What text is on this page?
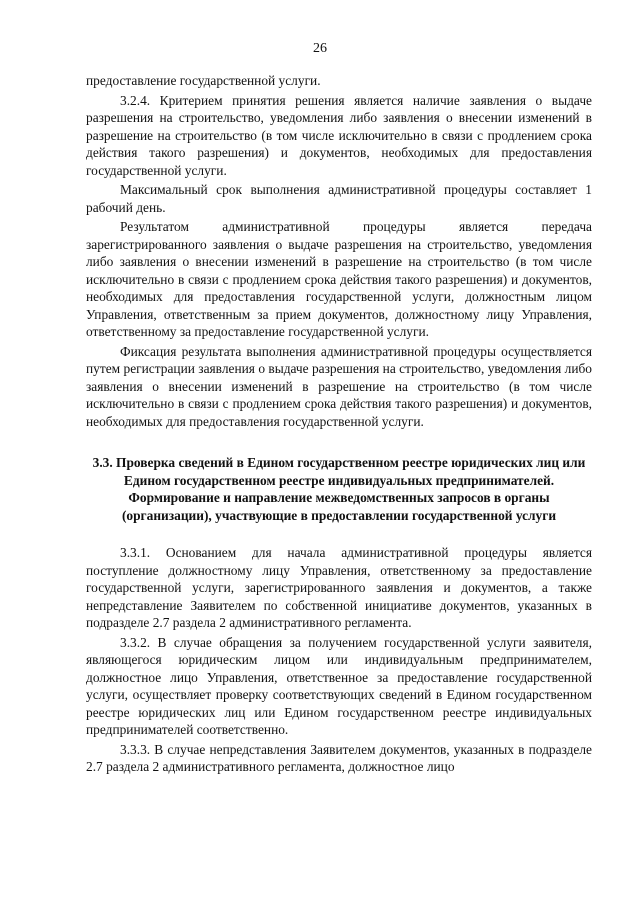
26

предоставление государственной услуги.

3.2.4. Критерием принятия решения является наличие заявления о выдаче разрешения на строительство, уведомления либо заявления о внесении изменений в разрешение на строительство (в том числе исключительно в связи с продлением срока действия такого разрешения) и документов, необходимых для предоставления государственной услуги.

Максимальный срок выполнения административной процедуры составляет 1 рабочий день.

Результатом административной процедуры является передача зарегистрированного заявления о выдаче разрешения на строительство, уведомления либо заявления о внесении изменений в разрешение на строительство (в том числе исключительно в связи с продлением срока действия такого разрешения) и документов, необходимых для предоставления государственной услуги, должностным лицом Управления, ответственным за прием документов, должностному лицу Управления, ответственному за предоставление государственной услуги.

Фиксация результата выполнения административной процедуры осуществляется путем регистрации заявления о выдаче разрешения на строительство, уведомления либо заявления о внесении изменений в разрешение на строительство (в том числе исключительно в связи с продлением срока действия такого разрешения) и документов, необходимых для предоставления государственной услуги.

3.3. Проверка сведений в Едином государственном реестре юридических лиц или Едином государственном реестре индивидуальных предпринимателей. Формирование и направление межведомственных запросов в органы (организации), участвующие в предоставлении государственной услуги

3.3.1. Основанием для начала административной процедуры является поступление должностному лицу Управления, ответственному за предоставление государственной услуги, зарегистрированного заявления и документов, а также непредставление Заявителем по собственной инициативе документов, указанных в подразделе 2.7 раздела 2 административного регламента.

3.3.2. В случае обращения за получением государственной услуги заявителя, являющегося юридическим лицом или индивидуальным предпринимателем, должностное лицо Управления, ответственное за предоставление государственной услуги, осуществляет проверку соответствующих сведений в Едином государственном реестре юридических лиц или Едином государственном реестре индивидуальных предпринимателей соответственно.

3.3.3. В случае непредставления Заявителем документов, указанных в подразделе 2.7 раздела 2 административного регламента, должностное лицо
